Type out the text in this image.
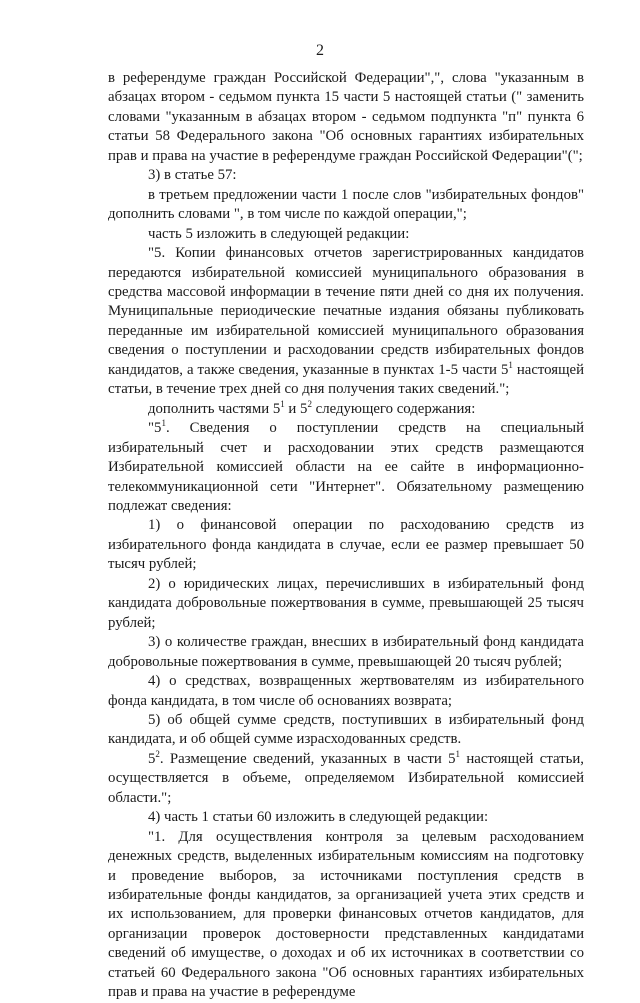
2

в референдуме граждан Российской Федерации",", слова "указанным в абзацах втором - седьмом пункта 15 части 5 настоящей статьи (" заменить словами "указанным в абзацах втором - седьмом подпункта "п" пункта 6 статьи 58 Федерального закона "Об основных гарантиях избирательных прав и права на участие в референдуме граждан Российской Федерации"(";

3) в статье 57:

в третьем предложении части 1 после слов "избирательных фондов" дополнить словами ", в том числе по каждой операции,";

часть 5 изложить в следующей редакции:

"5. Копии финансовых отчетов зарегистрированных кандидатов передаются избирательной комиссией муниципального образования в средства массовой информации в течение пяти дней со дня их получения. Муниципальные периодические печатные издания обязаны публиковать переданные им избирательной комиссией муниципального образования сведения о поступлении и расходовании средств избирательных фондов кандидатов, а также сведения, указанные в пунктах 1-5 части $5^1$ настоящей статьи, в течение трех дней со дня получения таких сведений.";

дополнить частями $5^1$ и $5^2$ следующего содержания:

"$5^1$. Сведения о поступлении средств на специальный избирательный счет и расходовании этих средств размещаются Избирательной комиссией области на ее сайте в информационно-телекоммуникационной сети "Интернет". Обязательному размещению подлежат сведения:

1) о финансовой операции по расходованию средств из избирательного фонда кандидата в случае, если ее размер превышает 50 тысяч рублей;

2) о юридических лицах, перечисливших в избирательный фонд кандидата добровольные пожертвования в сумме, превышающей 25 тысяч рублей;

3) о количестве граждан, внесших в избирательный фонд кандидата добровольные пожертвования в сумме, превышающей 20 тысяч рублей;

4) о средствах, возвращенных жертвователям из избирательного фонда кандидата, в том числе об основаниях возврата;

5) об общей сумме средств, поступивших в избирательный фонд кандидата, и об общей сумме израсходованных средств.

$5^2$. Размещение сведений, указанных в части $5^1$ настоящей статьи, осуществляется в объеме, определяемом Избирательной комиссией области.";

4) часть 1 статьи 60 изложить в следующей редакции:

"1. Для осуществления контроля за целевым расходованием денежных средств, выделенных избирательным комиссиям на подготовку и проведение выборов, за источниками поступления средств в избирательные фонды кандидатов, за организацией учета этих средств и их использованием, для проверки финансовых отчетов кандидатов, для организации проверок достоверности представленных кандидатами сведений об имуществе, о доходах и об их источниках в соответствии со статьей 60 Федерального закона "Об основных гарантиях избирательных прав и права на участие в референдуме
